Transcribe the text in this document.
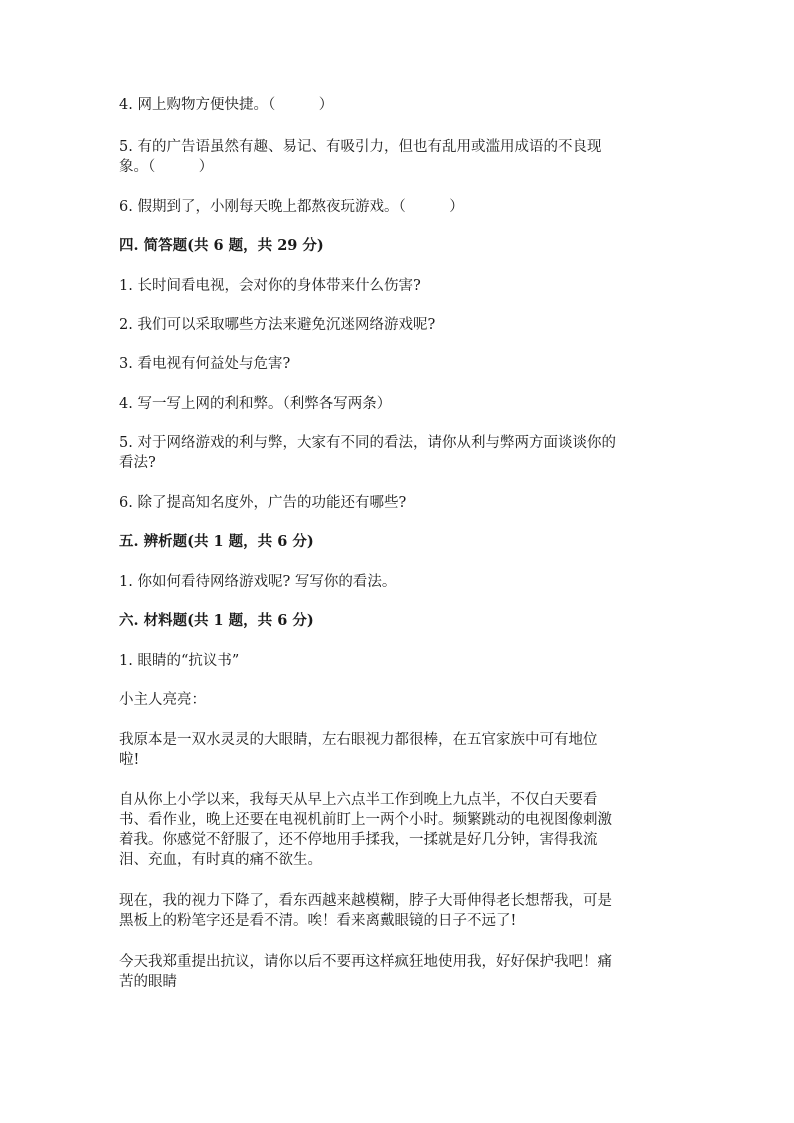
4. 网上购物方便快捷。（　　　）
5. 有的广告语虽然有趣、易记、有吸引力，但也有乱用或滥用成语的不良现
象。（　　　）
6. 假期到了，小刚每天晚上都熬夜玩游戏。（　　　）
四. 简答题(共 6 题，共 29 分)
1. 长时间看电视，会对你的身体带来什么伤害?
2. 我们可以采取哪些方法来避免沉迷网络游戏呢?
3. 看电视有何益处与危害?
4. 写一写上网的利和弊。（利弊各写两条）
5. 对于网络游戏的利与弊，大家有不同的看法，请你从利与弊两方面谈谈你的
看法?
6. 除了提高知名度外，广告的功能还有哪些?
五. 辨析题(共 1 题，共 6 分)
1. 你如何看待网络游戏呢? 写写你的看法。
六. 材料题(共 1 题，共 6 分)
1. 眼睛的“抗议书”
小主人亮亮：
我原本是一双水灵灵的大眼睛，左右眼视力都很棒，在五官家族中可有地位
啦!
自从你上小学以来，我每天从早上六点半工作到晚上九点半，不仅白天要看
书、看作业，晚上还要在电视机前盯上一两个小时。频繁跳动的电视图像刺激
着我。你感觉不舒服了，还不停地用手揉我，一揉就是好几分钟，害得我流
泪、充血，有时真的痛不欲生。
现在，我的视力下降了，看东西越来越模糊，脖子大哥伸得老长想帮我，可是
黑板上的粉笔字还是看不清。唉！看来离戴眼镜的日子不远了!
今天我郑重提出抗议，请你以后不要再这样疯狂地使用我，好好保护我吧！痛
苦的眼睛
